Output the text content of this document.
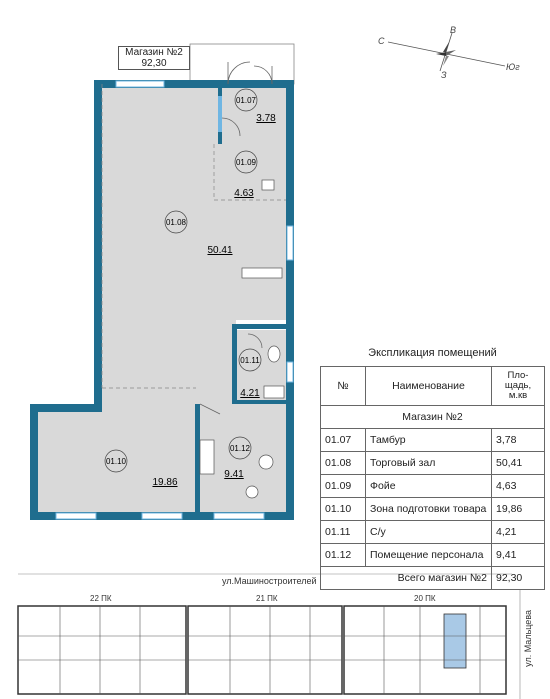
01.07
3.78
01.09
4.63
01.08
50.41
01.11
4.21
01.10
19.86
01.12
9.41
Магазин №2
92,30
С
В
З
Юг
Экспликация помещений
№	Наименование	Пло-
щадь,
м.кв
Магазин №2		
01.07	Тамбур	3,78
01.08	Торговый зал	50,41
01.09	Фойе	4,63
01.10	Зона подготовки товара	19,86
01.11	С/у	4,21
01.12	Помещение персонала	9,41
Всего магазин №2		92,30
ул.Машиностроителей
ул. Мальцева
22 ПК	21 ПК	20 ПК
